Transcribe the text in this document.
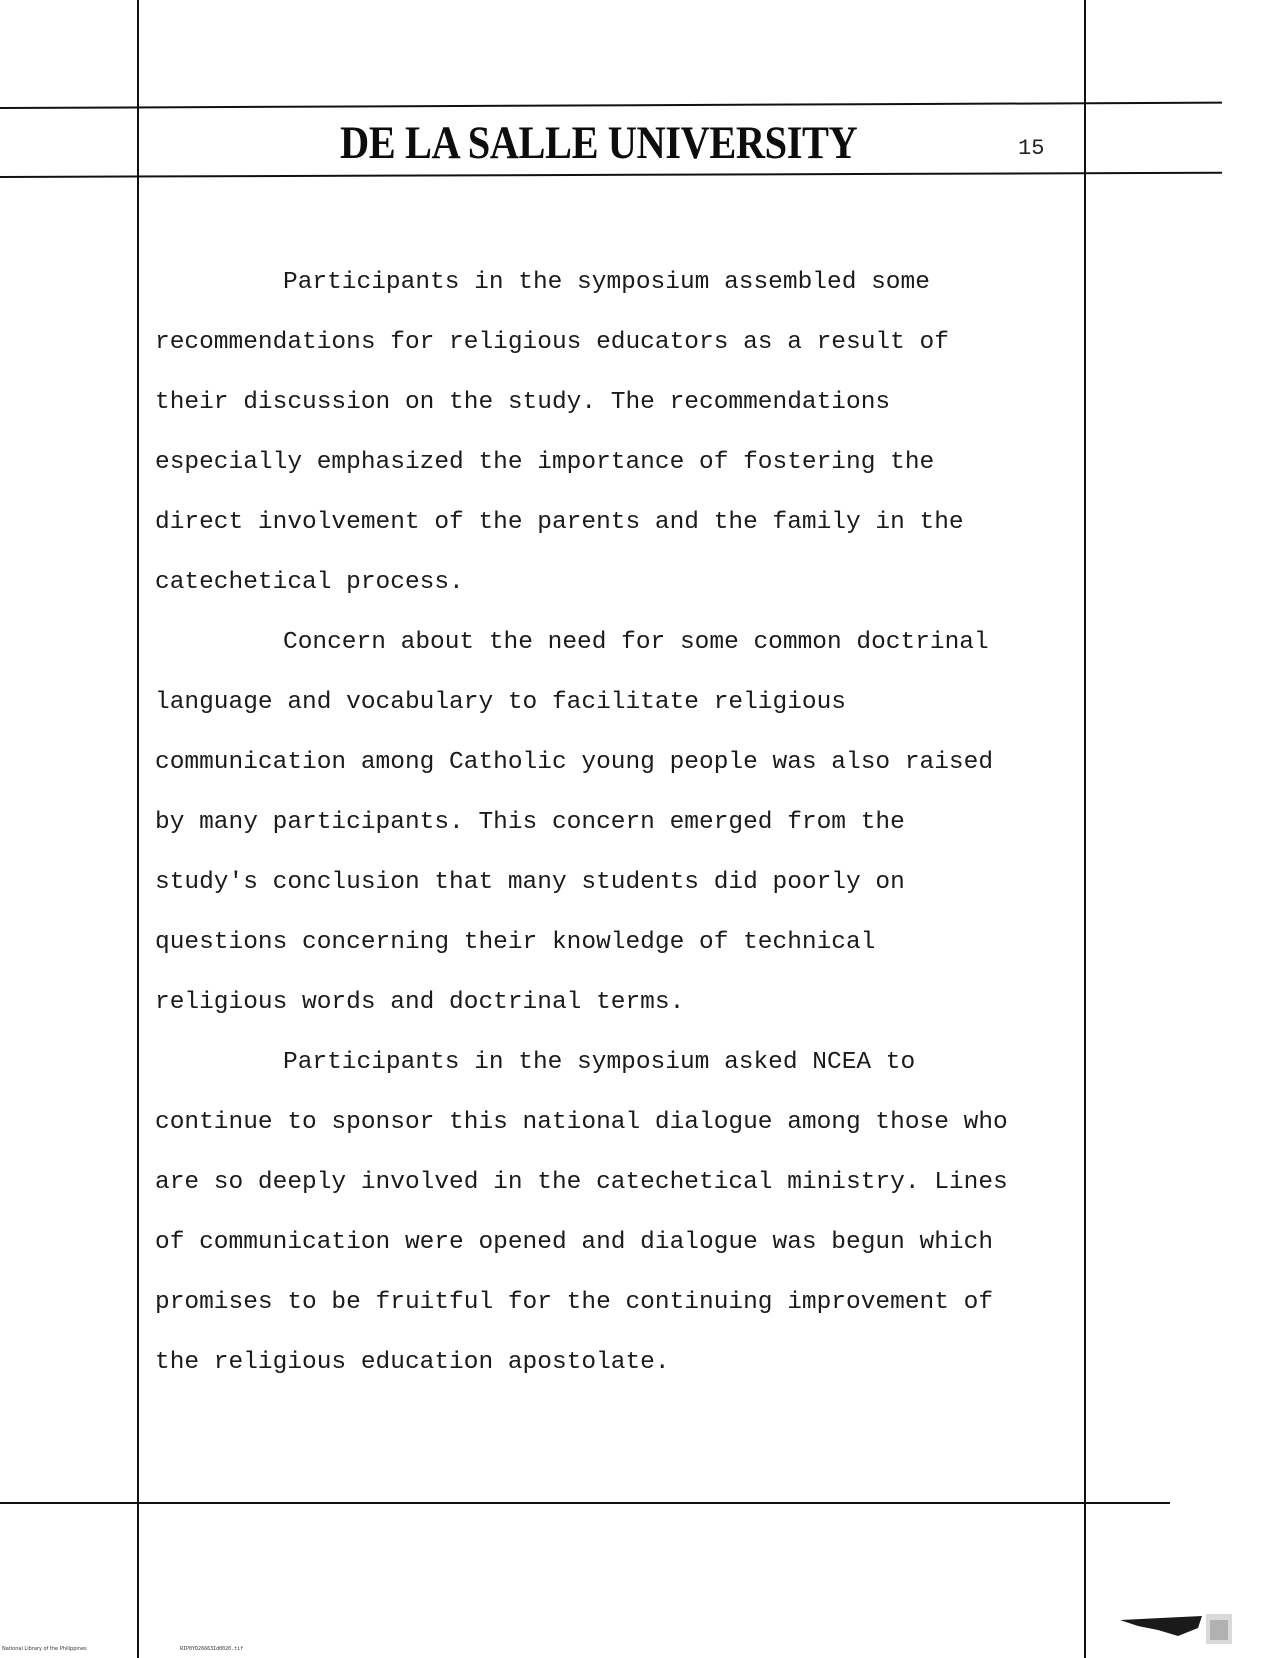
DE LA SALLE UNIVERSITY	15

Participants in the symposium assembled some
recommendations for religious educators as a result of
their discussion on the study. The recommendations
especially emphasized the importance of fostering the
direct involvement of the parents and the family in the
catechetical process.

Concern about the need for some common doctrinal
language and vocabulary to facilitate religious
communication among Catholic young people was also raised
by many participants. This concern emerged from the
study's conclusion that many students did poorly on
questions concerning their knowledge of technical
religious words and doctrinal terms.

Participants in the symposium asked NCEA to
continue to sponsor this national dialogue among those who
are so deeply involved in the catechetical ministry. Lines
of communication were opened and dialogue was begun which
promises to be fruitful for the continuing improvement of
the religious education apostolate.

National Library of the Philippines	RIP0YD26663Id0020.tif
